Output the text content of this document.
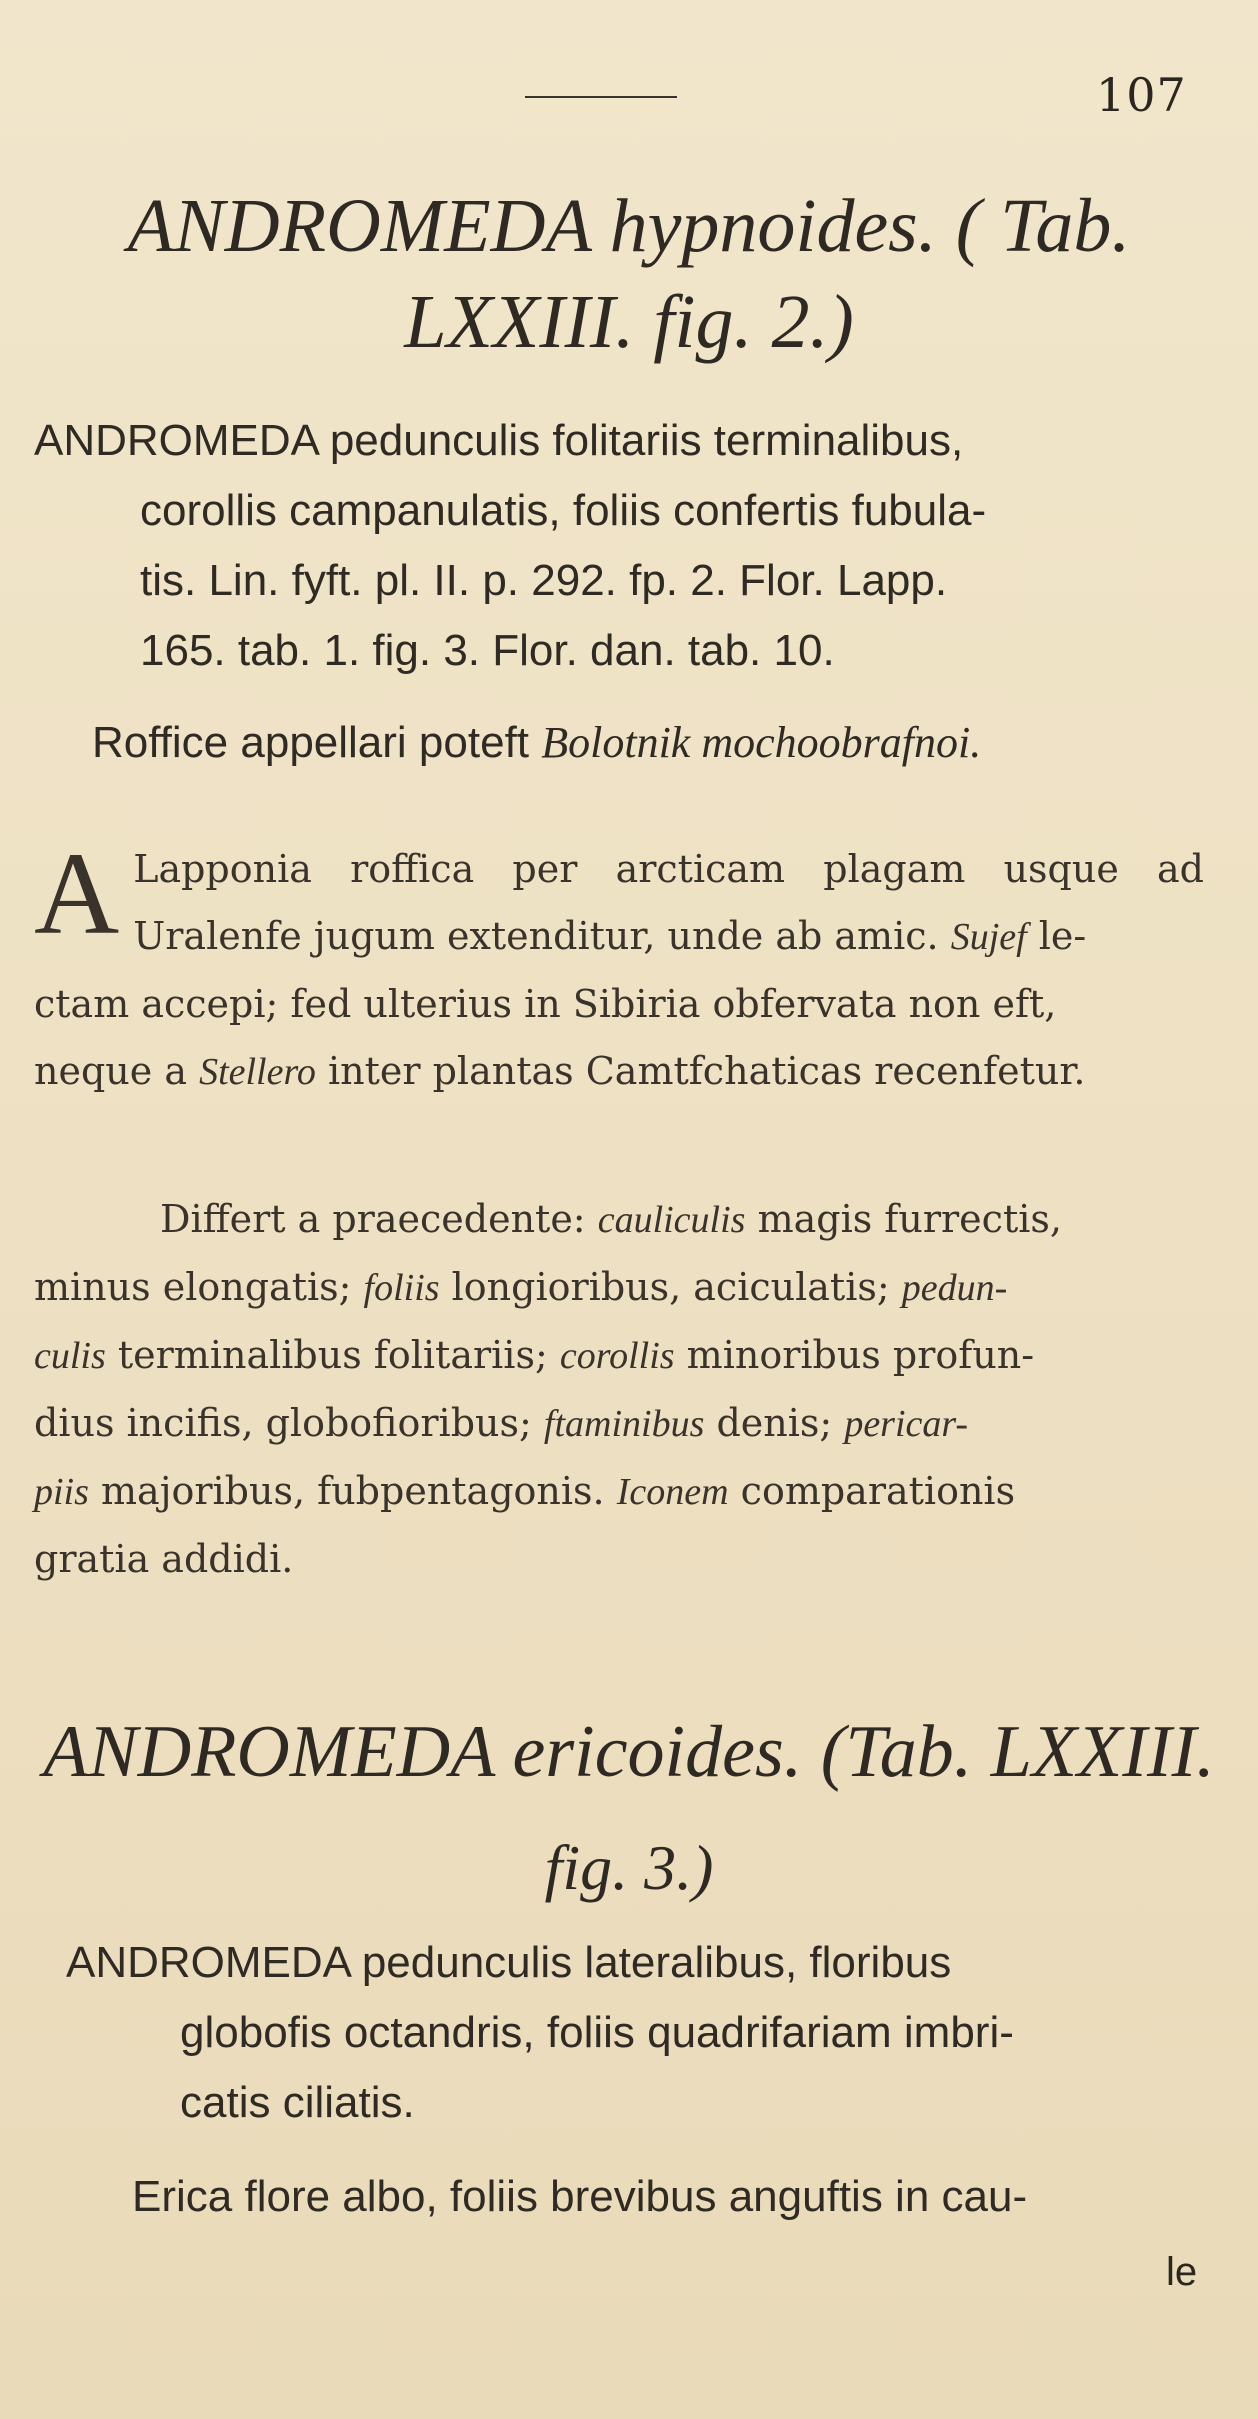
107
ANDROMEDA hypnoides. ( Tab.
LXXIII. fig. 2.)
ANDROMEDA pedunculis folitariis terminalibus,
corollis campanulatis, foliis confertis fubula-
tis. Lin. fyft. pl. II. p. 292. fp. 2. Flor. Lapp.
165. tab. 1. fig. 3. Flor. dan. tab. 10.
Roffice appellari poteft Bolotnik mochoobrafnoi.
A Lapponia roffica per arcticam plagam usque ad
Uralenfe jugum extenditur, unde ab amic. Sujef le-
ctam accepi; fed ulterius in Sibiria obfervata non eft,
neque a Stellero inter plantas Camtfchaticas recenfetur.
Differt a praecedente: cauliculis magis furrectis,
minus elongatis; foliis longioribus, aciculatis; pedun-
culis terminalibus folitariis; corollis minoribus profun-
dius incifis, globofioribus; ftaminibus denis; pericar-
piis majoribus, fubpentagonis. Iconem comparationis
gratia addidi.
ANDROMEDA ericoides. (Tab. LXXIII.
fig. 3.)
ANDROMEDA pedunculis lateralibus, floribus
globofis octandris, foliis quadrifariam imbri-
catis ciliatis.
Erica flore albo, foliis brevibus anguftis in cau-
le
